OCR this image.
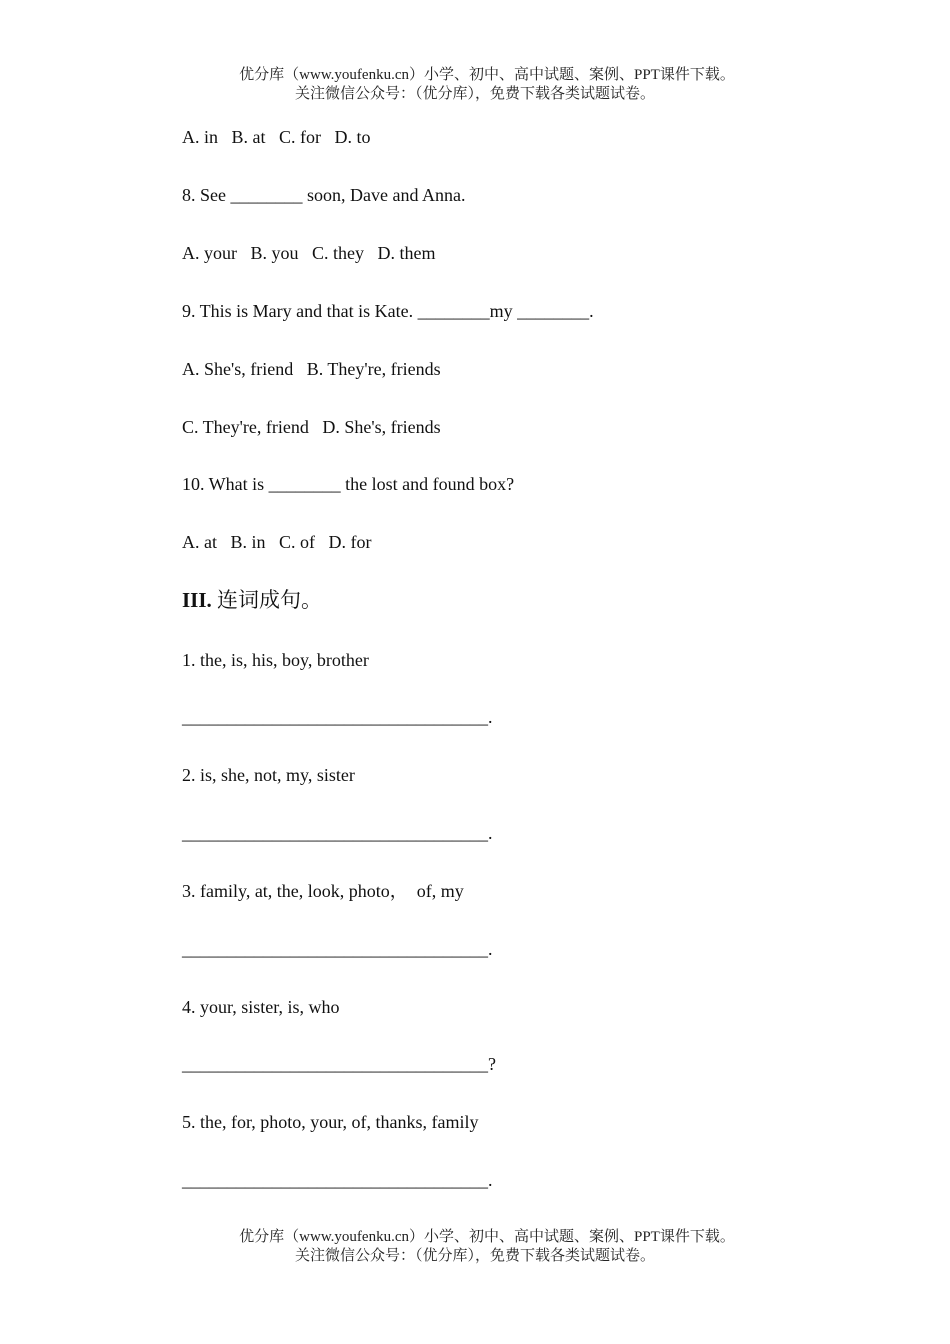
优分库（www.youfenku.cn）小学、初中、高中试题、案例、PPT课件下载。
关注微信公众号：（优分库），免费下载各类试题试卷。
A. in   B. at   C. for   D. to
8. See ________ soon, Dave and Anna.
A. your   B. you   C. they   D. them
9. This is Mary and that is Kate. ________my ________.
A. She's, friend   B. They're, friends
C. They're, friend   D. She's, friends
10. What is ________ the lost and found box?
A. at   B. in   C. of   D. for
III. 连词成句。
1. the, is, his, boy, brother
__________________________________.
2. is, she, not, my, sister
__________________________________.
3. family, at, the, look, photo，  of, my
__________________________________.
4. your, sister, is, who
__________________________________?
5. the, for, photo, your, of, thanks, family
__________________________________.
优分库（www.youfenku.cn）小学、初中、高中试题、案例、PPT课件下载。
关注微信公众号：（优分库），免费下载各类试题试卷。
